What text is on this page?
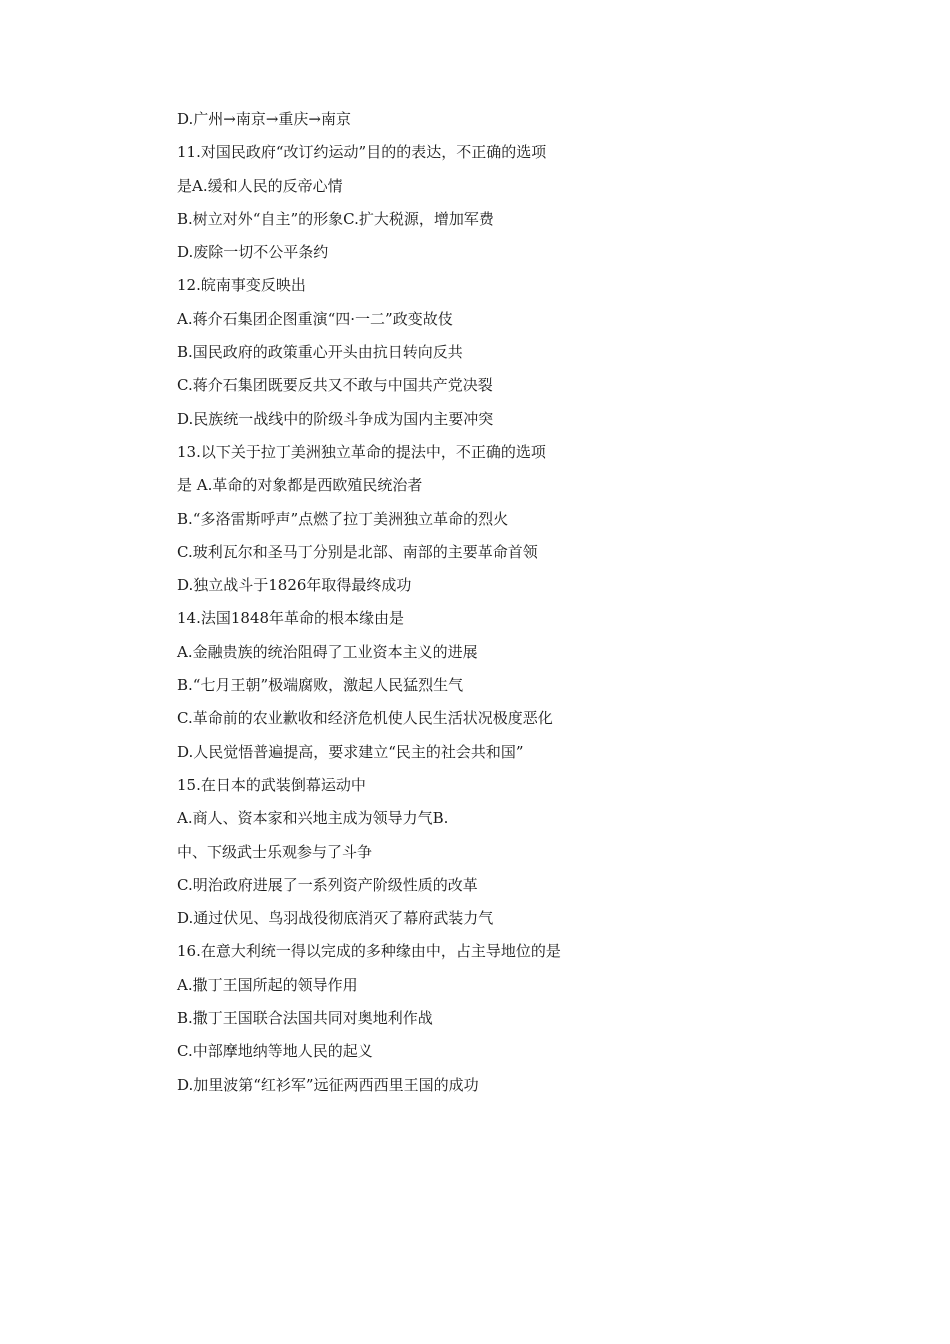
D.广州→南京→重庆→南京
11.对国民政府“改订约运动”目的的表达，不正确的选项
是A.缓和人民的反帝心情
B.树立对外“自主”的形象C.扩大税源，增加军费
D.废除一切不公平条约
12.皖南事变反映出
A.蒋介石集团企图重演“四·一二”政变故伎
B.国民政府的政策重心开头由抗日转向反共
C.蒋介石集团既要反共又不敢与中国共产党决裂
D.民族统一战线中的阶级斗争成为国内主要冲突
13.以下关于拉丁美洲独立革命的提法中，不正确的选项
是 A.革命的对象都是西欧殖民统治者
B.“多洛雷斯呼声”点燃了拉丁美洲独立革命的烈火
C.玻利瓦尔和圣马丁分别是北部、南部的主要革命首领
D.独立战斗于1826年取得最终成功
14.法国1848年革命的根本缘由是
A.金融贵族的统治阻碍了工业资本主义的进展
B.“七月王朝”极端腐败，激起人民猛烈生气
C.革命前的农业歉收和经济危机使人民生活状况极度恶化
D.人民觉悟普遍提高，要求建立“民主的社会共和国”
15.在日本的武装倒幕运动中
A.商人、资本家和兴地主成为领导力气B.
中、下级武士乐观参与了斗争
C.明治政府进展了一系列资产阶级性质的改革
D.通过伏见、鸟羽战役彻底消灭了幕府武装力气
16.在意大利统一得以完成的多种缘由中，占主导地位的是
A.撒丁王国所起的领导作用
B.撒丁王国联合法国共同对奥地利作战
C.中部摩地纳等地人民的起义
D.加里波第“红衫军”远征两西西里王国的成功
